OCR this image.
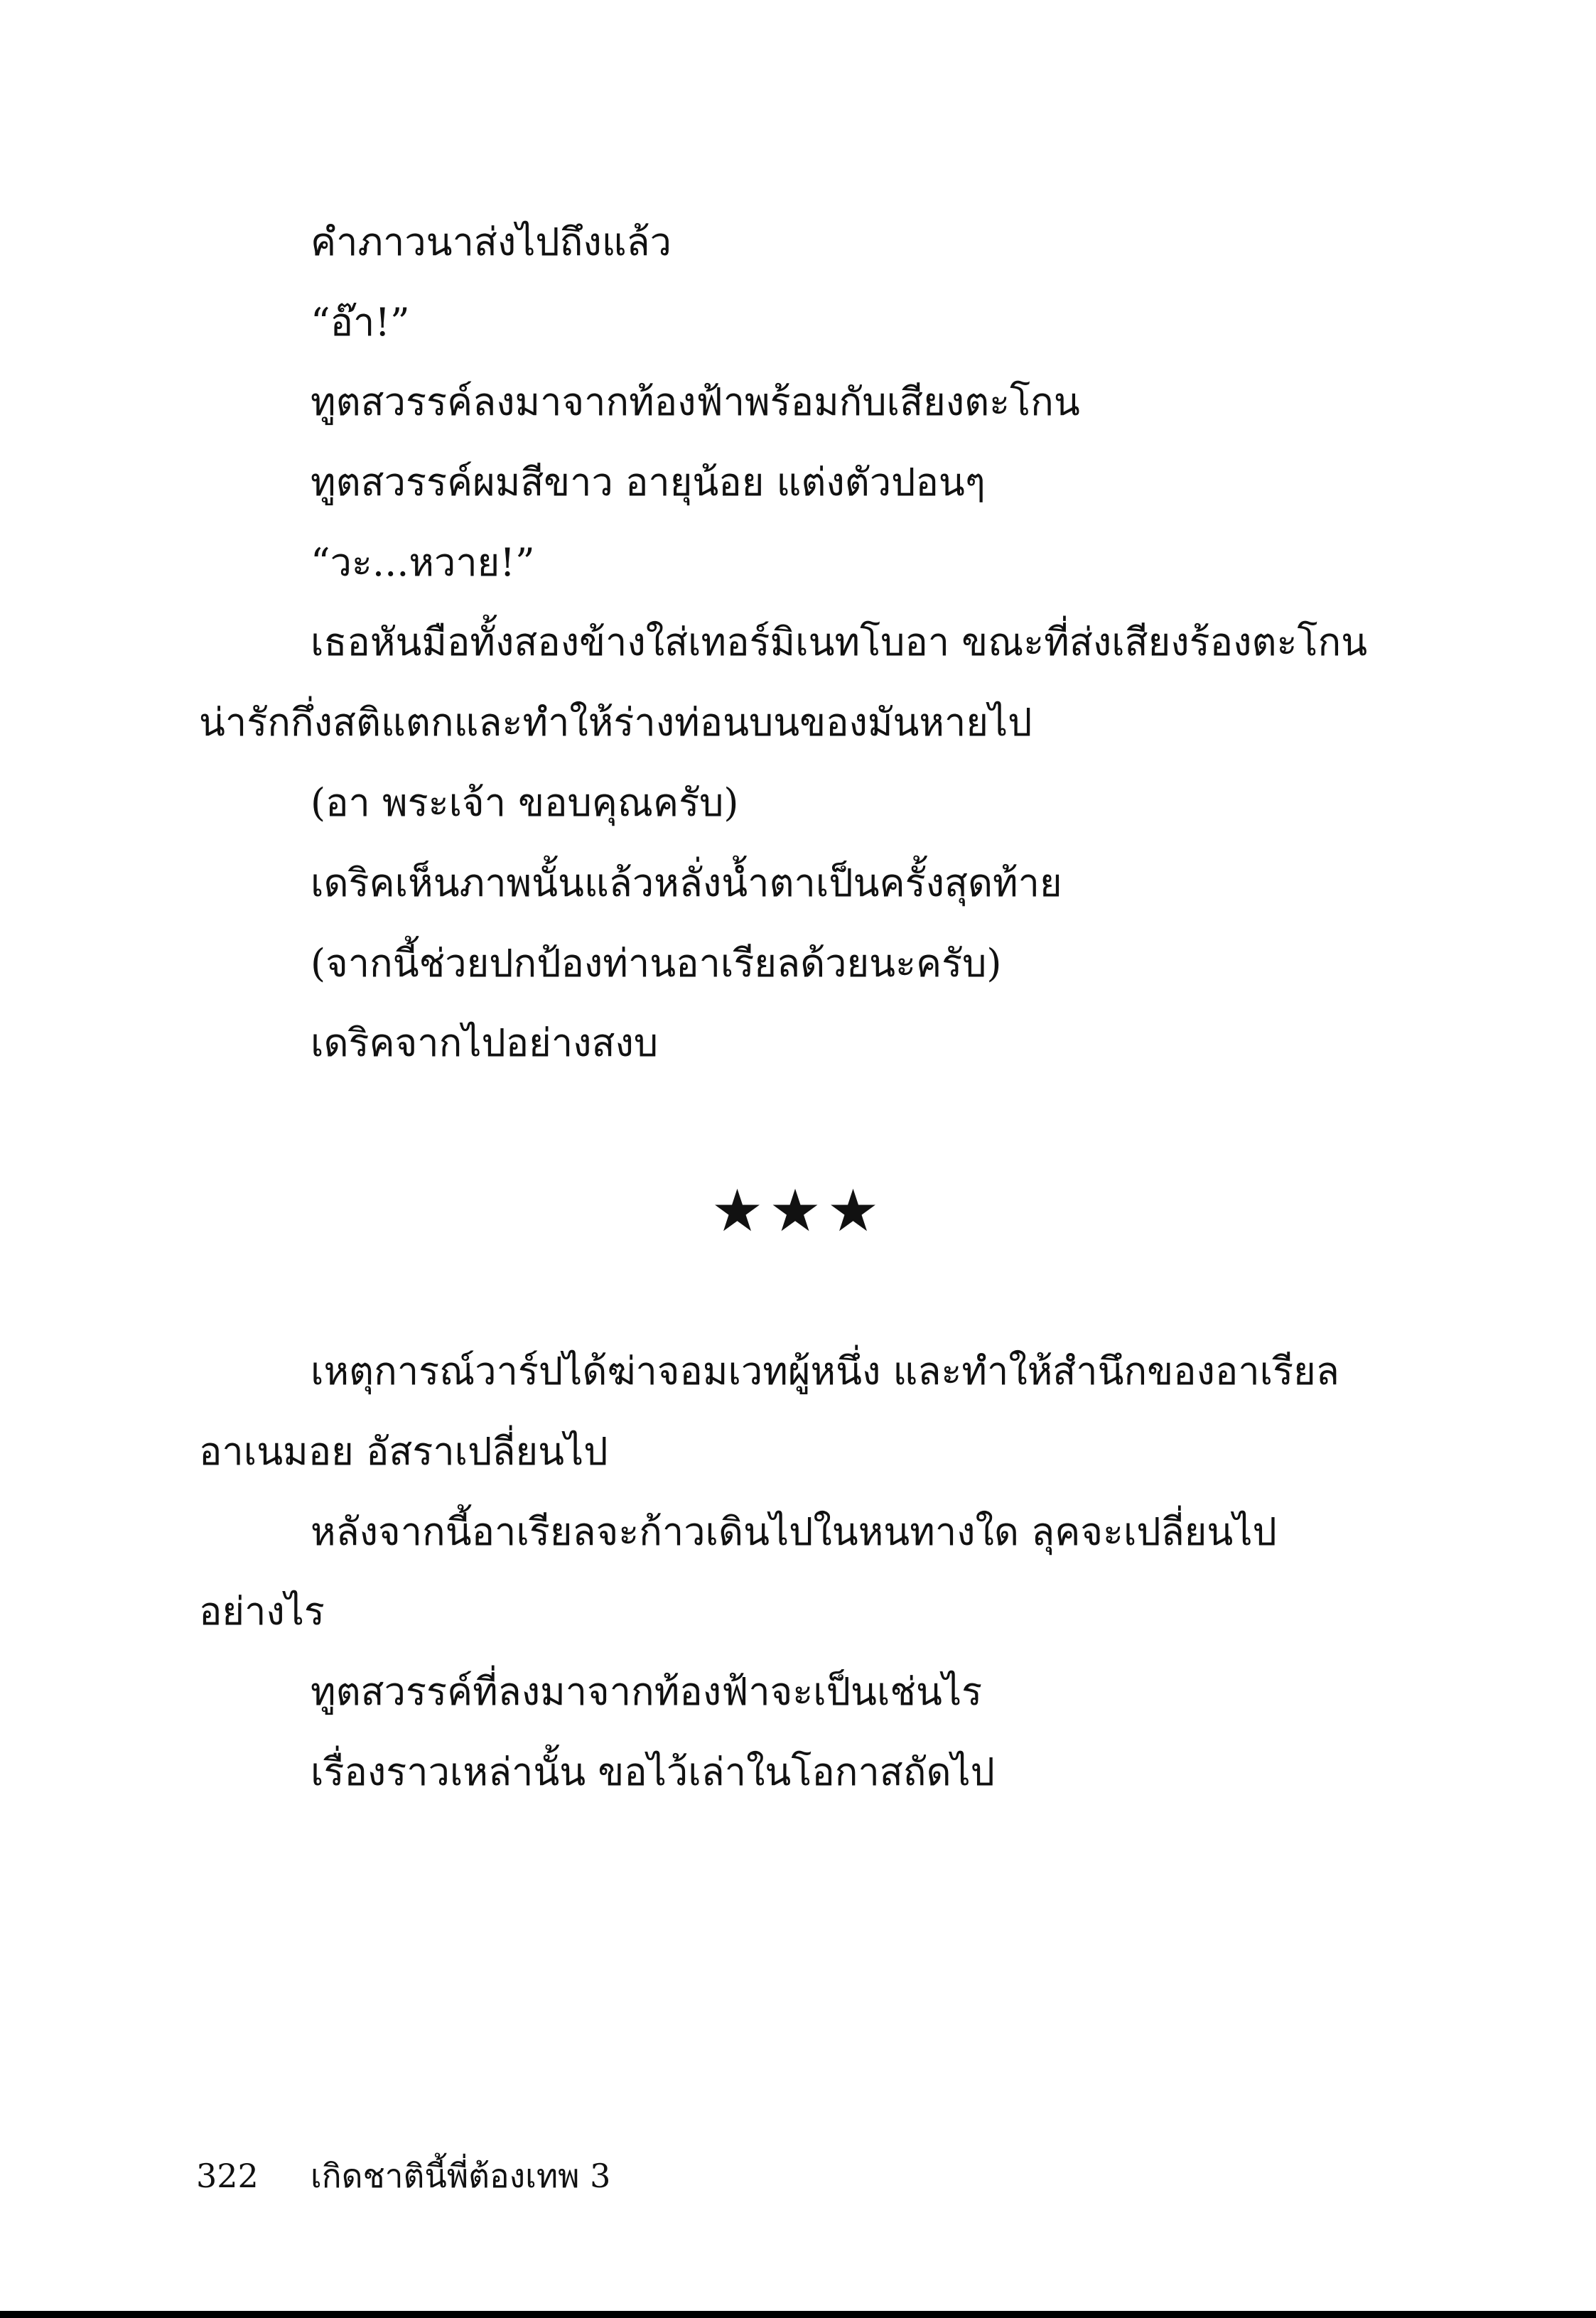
คำภาวนาส่งไปถึงแล้ว
“อ๊า!”
ทูตสวรรค์ลงมาจากท้องฟ้าพร้อมกับเสียงตะโกน
ทูตสวรรค์ผมสีขาว อายุน้อย แต่งตัวปอนๆ
“วะ...หวาย!”
เธอหันมือทั้งสองข้างใส่เทอร์มิเนทโบอา ขณะที่ส่งเสียงร้องตะโกน
น่ารักกึ่งสติแตกและทำให้ร่างท่อนบนของมันหายไป
(อา พระเจ้า ขอบคุณครับ)
เดริคเห็นภาพนั้นแล้วหลั่งน้ำตาเป็นครั้งสุดท้าย
(จากนี้ช่วยปกป้องท่านอาเรียลด้วยนะครับ)
เดริคจากไปอย่างสงบ
★★★
เหตุการณ์วาร์ปได้ฆ่าจอมเวทผู้หนึ่ง และทำให้สำนึกของอาเรียล
อาเนมอย อัสราเปลี่ยนไป
หลังจากนี้อาเรียลจะก้าวเดินไปในหนทางใด ลุคจะเปลี่ยนไป
อย่างไร
ทูตสวรรค์ที่ลงมาจากท้องฟ้าจะเป็นเช่นไร
เรื่องราวเหล่านั้น ขอไว้เล่าในโอกาสถัดไป
322 เกิดชาตินี้พี่ต้องเทพ 3
